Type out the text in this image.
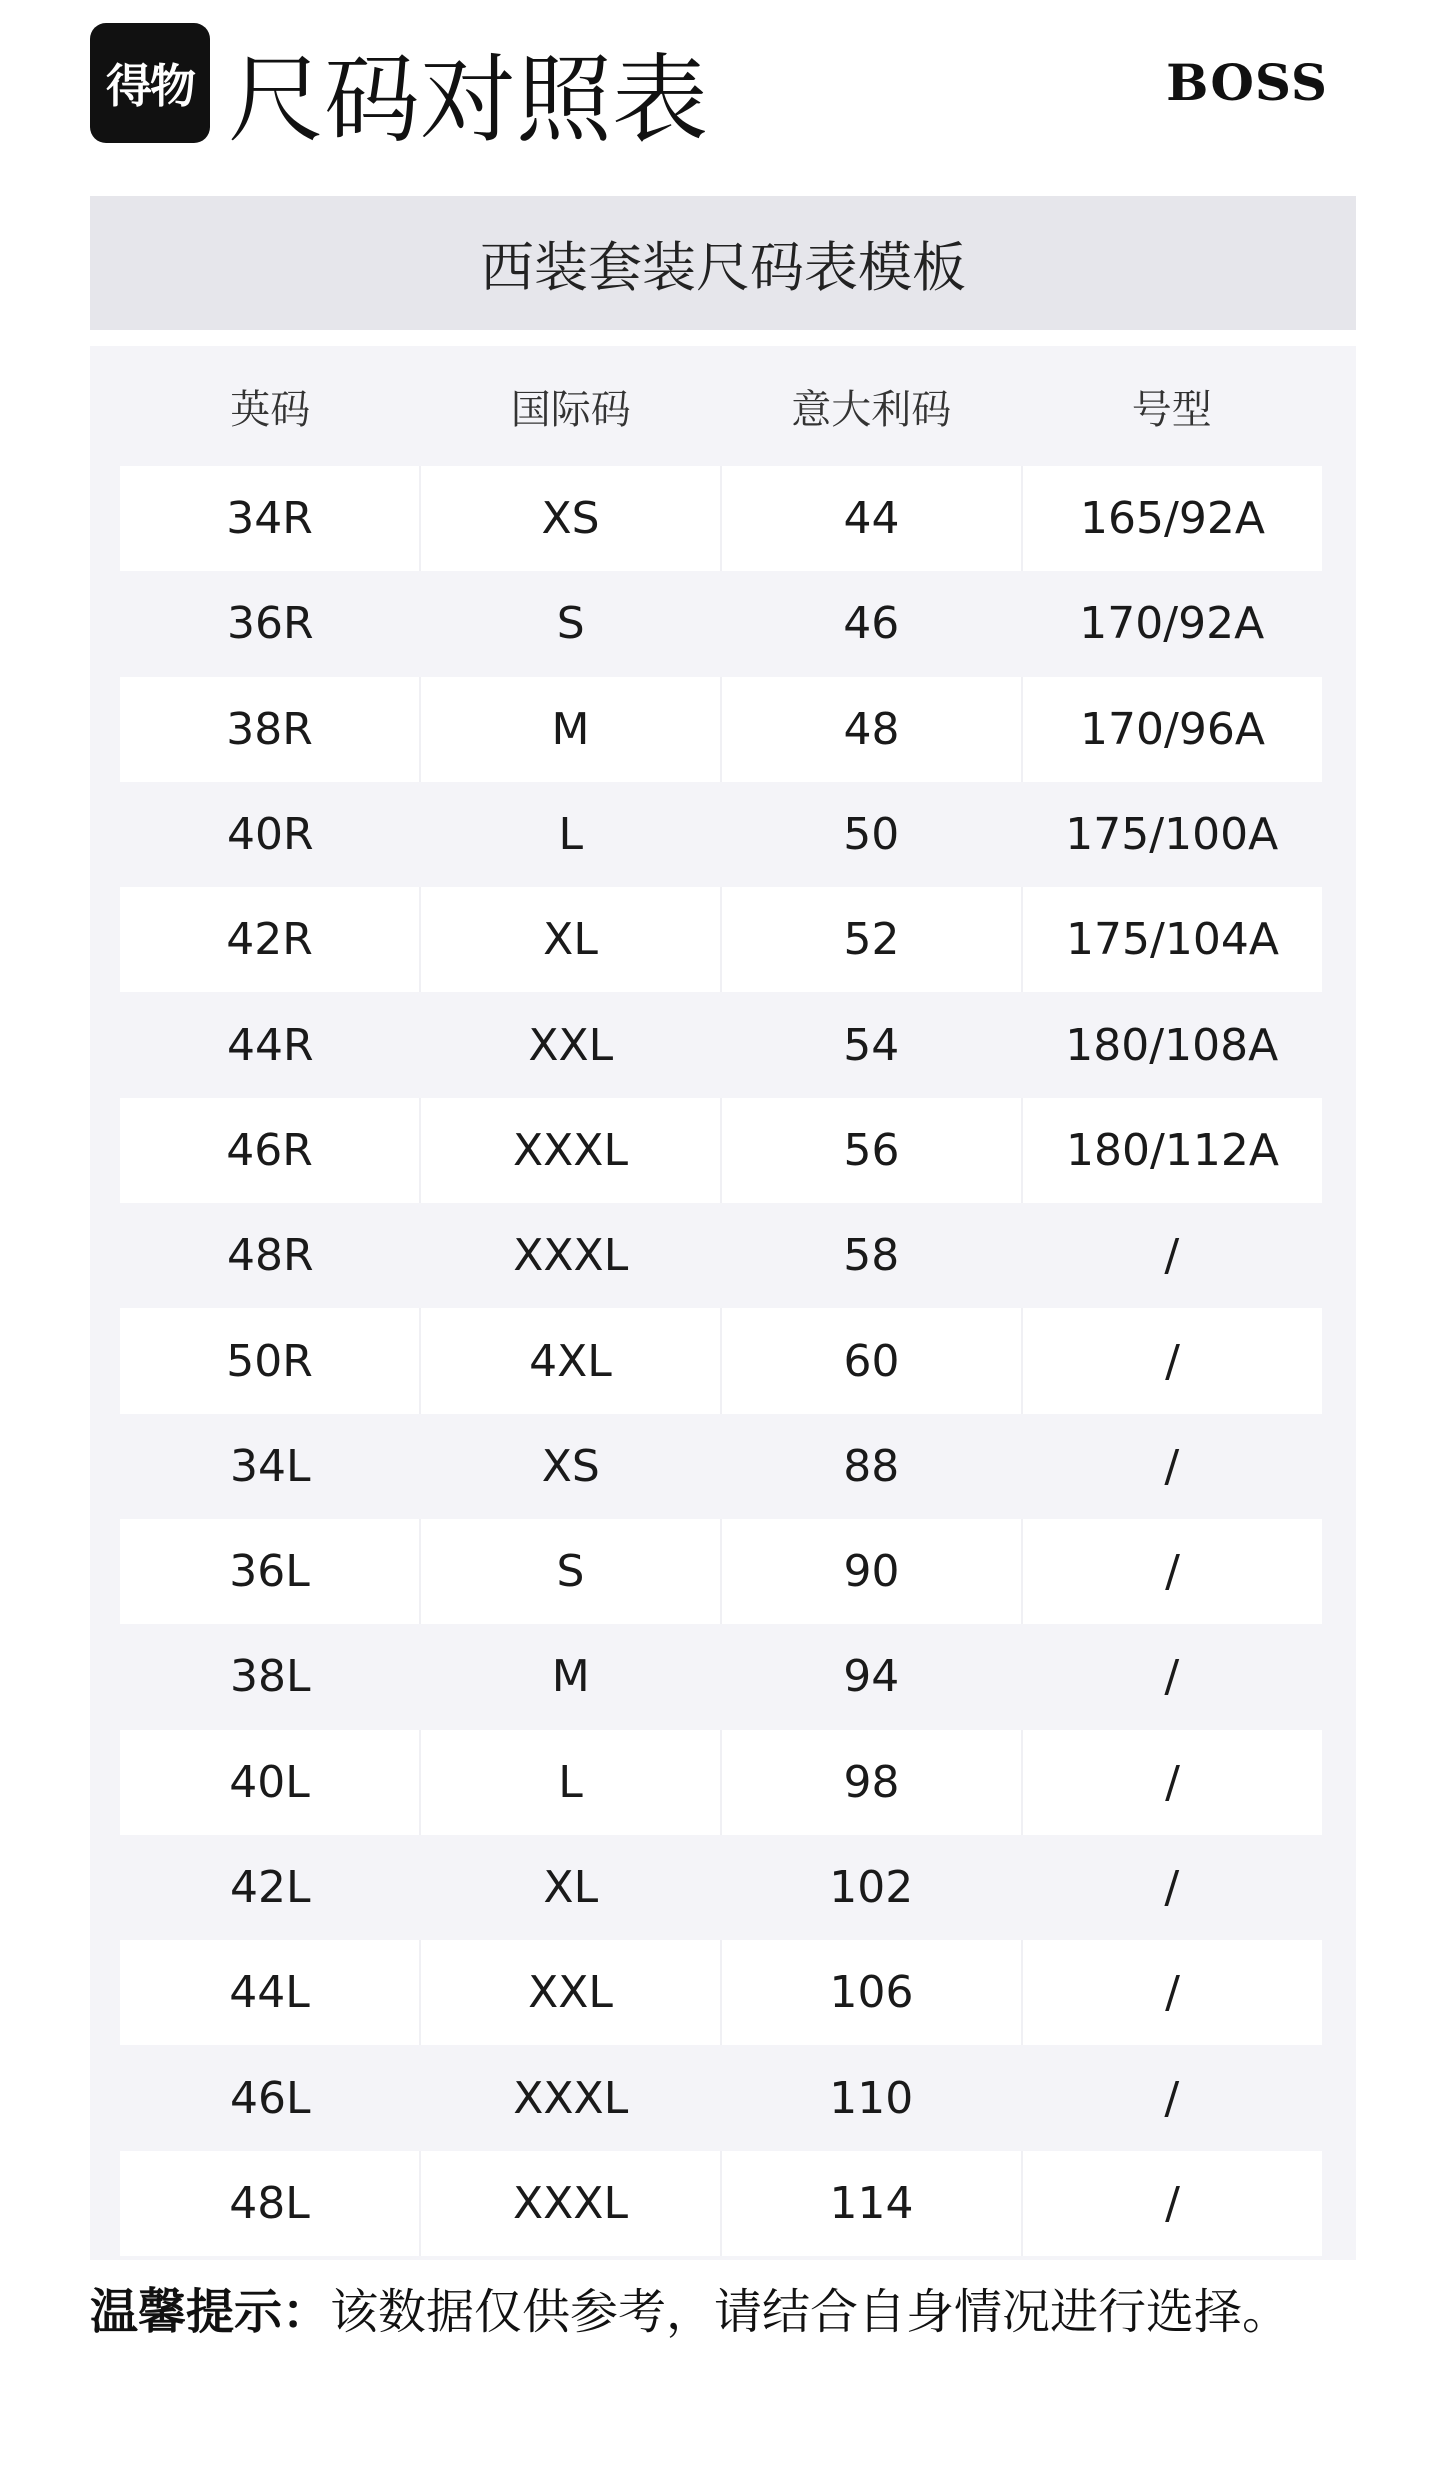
得物 尺码对照表	BOSS
西装套装尺码表模板
英码	国际码	意大利码	号型
34R	XS	44	165/92A
36R	S	46	170/92A
38R	M	48	170/96A
40R	L	50	175/100A
42R	XL	52	175/104A
44R	XXL	54	180/108A
46R	XXXL	56	180/112A
48R	XXXL	58	/
50R	4XL	60	/
34L	XS	88	/
36L	S	90	/
38L	M	94	/
40L	L	98	/
42L	XL	102	/
44L	XXL	106	/
46L	XXXL	110	/
48L	XXXL	114	/
温馨提示：该数据仅供参考，请结合自身情况进行选择。
